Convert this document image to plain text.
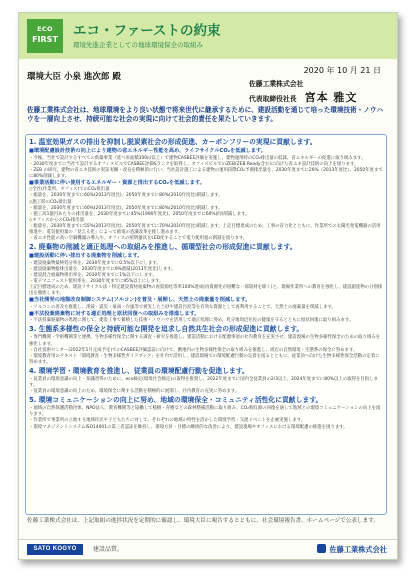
ECO
FIRST
エコ・ファーストの約束
環境先進企業としての地球環境保全の取組み
環境大臣 小泉 進次郎 殿
2020 年 10 月 21 日
佐藤工業株式会社
代表取締役社長 宮本 雅文
佐藤工業株式会社は、地球環境をより良い状態で将来世代に継承するために、建設活動を通じて培った環境技術・ノウハウを一層向上させ、持続可能な社会の実現に向けて社会的責任を果たしていきます。
1. 温室効果ガスの排出を抑制し脱炭素社会の形成促進、カーボンフリーの実現に貢献します。
■環境配慮設計技術の向上により建物の省エネルギー性能を高め、ライフサイクルCO₂を低減します。
・今後、当社で設計するすべての新築事業（延べ床面積300㎡以上）で建物CASBEE評価を実施し、建物運用時のCO₂排出量の低減、省エネルギーの促進に取り組みます。
・2030年度までに当社で設計するオフィスビルでCASBEE評価Sランクを取得し、オフィスビルでのZEB(ZEB Ready含む)に向けた省エネ設計技術の向上を図ります。
・ZEB の研究、建物の省エネ技術の実証実験・改良を積極的に行い、当社設計施工による建物の運用段階CO₂予測排出量を、2030年度までに26%（2013年度比）、2050年度までに80%削減します。
■事業活動に伴い使用するエネルギー・資源と排出するCO₂を低減します。
◇全社(作業所、オフィス)でのCO₂排出量
・総量を、2030年度までに60%(2013年度比)、2050年度までに80%(2010年度比)削減します。
◇施工時のCO₂排出量
・総量を、2030年度までに60%(2013年度比)、2050年度までに80%(2010年度比)削減します。
・施工高1億円あたりの排出量を、2030年度までに45%(1990年度比)、2050年度までに60%(同)削減します。
◇オフィスからのCO₂排出量
・総量を、2030年度までに55%(2013年度比)、2050年度までに70%(2010年度比)削減します。上記目標達成のため、工事の省力化とともに、作業所での太陽光発電機器の活用推進や、電気使用量の「見える化」によって節電の意識改革を推し進めます。
・省エネ性能の高い空調機器の導入や、オフィスの照明器具をLED化することで電力使用量の削減を図ります。
2. 廃棄物の削減と適正処理への取組みを推進し、循環型社会の形成促進に貢献します。
■建設活動に伴い排出する廃棄物を削減します。
・建設廃棄物最終処分率を、2030年度までに0.5%以下にします。
・建設廃棄物総排出量を、2030年度までに9%削減(2013年度比)します。
・建設混合廃棄物排出率を、2030年度までに1%以下にします。
・電子マニフェスト使用率を、2030年度までに95%以上にします。
上記目標達成のため、建設リサイクル法・特定建設資材廃棄物の再資源化等率100%達成(再資源化が困難な一部資材を除く)と、現場作業所への教育を強化し、建設副産物の分別排出を徹底します。
■当社開発の地盤改良制御システム(ソルコン)を普及・展開し、天然土の廃棄量を削減します。
・ソルコンの普及を推進し、津波・震災・豪雨・台風等で被災した土砂や建設汚泥等を有効な資源として再利用することで、天然土の廃棄量を削減します。
■不法投棄廃棄物に対する適正処理と原状回復への取組みを推進します。
・不法投棄廃棄物の処理に関して、建設工事で蓄積した技術・ノウハウを活用して適正処理に努め、処分地周辺住民の健康を守るとともに原状回復に取り組みます。
3. 生態系多様性の保全と持続可能な開発を追求し自然共生社会の形成促進に貢献します。
・専門機関・学術機関等と連携、生物多様性保全に関する調査・研究を推進し、建設活動における配慮事項の社内教育を充実させ、建設現場の生物多様性保全のための取り組みを強化します。
・自社技術センター(2022年1月完成予定)でのCASBEE評価認証に向けて、敷地内の生物多様性保全の取り組みを推進し、周辺の自然環境・生態系の保全に努めます。
・環境教育用のテキスト「環境教育・生物多様性ガイドブック」を社内で活用し、建設現場での環境配慮行動の定着を図るとともに、従業員へ向けた生物多様性保全活動の定着に努めます。
4. 環境学習・環境教育を推進し、従業員の環境配慮行動を促進します。
・従業員の環境意識の向上・知識習得のために、eco検定(環境社会検定)の取得を推奨し、2022年度までに国内全従業員の2/3以上、2024年度までに80%以上の取得を目指します。
・従業員の環境意識の向上のため、環境保全に関する活動を積極的に展開し、社内教育の充実に努めます。
5. 環境コミュニケーションの向上に努め、地域の環境保全・コミュニティ活性化に貢献します。
・地域の自然保護活動団体、NPO法人、教育機関等と協働して植樹・育樹などの森林整備活動に取り組み、CO₂吸収源の回復を通して地域との環境コミュニケーションの向上を図ります。
・作業所で事業所の立地する地域住民や子どもたちに対して、それぞれの地域の特性を活かした環境学習・交流イベントを企画実施します。
・環境マネジメントシステムISO14001の第三者認証を維持し、環境方針・目標の継続的な改善により、建設現場やオフィスにおける環境配慮の推進を図ります。
佐藤工業株式会社は、上記取組の進捗状況を定期的に確認し、環境大臣に報告するとともに、社会環境報告書、ホームページで公表します。
SATO KOGYO	建設品質。	佐藤工業株式会社
